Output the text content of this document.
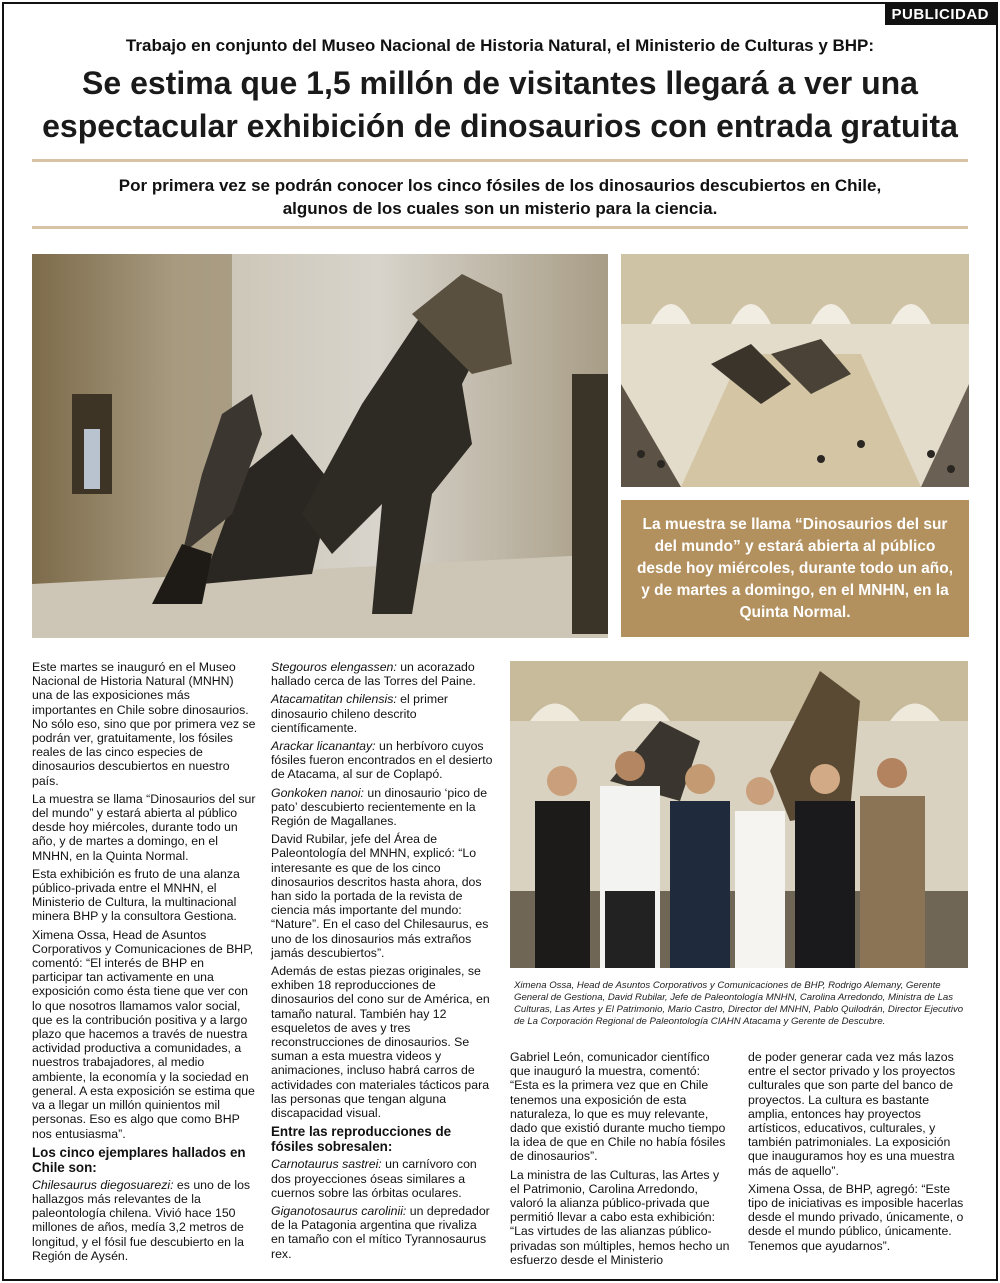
PUBLICIDAD
Trabajo en conjunto del Museo Nacional de Historia Natural, el Ministerio de Culturas y BHP:
Se estima que 1,5 millón de visitantes llegará a ver una
espectacular exhibición de dinosaurios con entrada gratuita
Por primera vez se podrán conocer los cinco fósiles de los dinosaurios descubiertos en Chile,
algunos de los cuales son un misterio para la ciencia.
La muestra se llama “Dinosaurios del sur del mundo” y estará abierta al público desde hoy miércoles, durante todo un año, y de martes a domingo, en el MNHN, en la Quinta Normal.
Ximena Ossa, Head de Asuntos Corporativos y Comunicaciones de BHP, Rodrigo Alemany, Gerente General de Gestiona, David Rubilar, Jefe de Paleontología MNHN, Carolina Arredondo, Ministra de Las Culturas, Las Artes y El Patrimonio, Mario Castro, Director del MNHN, Pablo Quilodrán, Director Ejecutivo de La Corporación Regional de Paleontología CIAHN Atacama y Gerente de Descubre.

Este martes se inauguró en el Museo Nacional de Historia Natural (MNHN) una de las exposiciones más importantes en Chile sobre dinosaurios. No sólo eso, sino que por primera vez se podrán ver, gratuitamente, los fósiles reales de las cinco especies de dinosaurios descubiertos en nuestro país.

La muestra se llama “Dinosaurios del sur del mundo” y estará abierta al público desde hoy miércoles, durante todo un año, y de martes a domingo, en el MNHN, en la Quinta Normal.

Esta exhibición es fruto de una alanza público-privada entre el MNHN, el Ministerio de Cultura, la multinacional minera BHP y la consultora Gestiona.

Ximena Ossa, Head de Asuntos Corporativos y Comunicaciones de BHP, comentó: “El interés de BHP en participar tan activamente en una exposición como ésta tiene que ver con lo que nosotros llamamos valor social, que es la contribución positiva y a largo plazo que hacemos a través de nuestra actividad productiva a comunidades, a nuestros trabajadores, al medio ambiente, la economía y la sociedad en general. A esta exposición se estima que va a llegar un millón quinientos mil personas. Eso es algo que como BHP nos entusiasma”.

Los cinco ejemplares hallados en Chile son:

Chilesaurus diegosuarezi: es uno de los hallazgos más relevantes de la paleontología chilena. Vivió hace 150 millones de años, medía 3,2 metros de longitud, y el fósil fue descubierto en la Región de Aysén.

Stegouros elengassen: un acorazado hallado cerca de las Torres del Paine.

Atacamatitan chilensis: el primer dinosaurio chileno descrito científicamente.

Arackar licanantay: un herbívoro cuyos fósiles fueron encontrados en el desierto de Atacama, al sur de Coplapó.

Gonkoken nanoi: un dinosaurio ‘pico de pato’ descubierto recientemente en la Región de Magallanes.

David Rubilar, jefe del Área de Paleontología del MNHN, explicó: “Lo interesante es que de los cinco dinosaurios descritos hasta ahora, dos han sido la portada de la revista de ciencia más importante del mundo: “Nature”. En el caso del Chilesaurus, es uno de los dinosaurios más extraños jamás descubiertos”.

Además de estas piezas originales, se exhiben 18 reproducciones de dinosaurios del cono sur de América, en tamaño natural. También hay 12 esqueletos de aves y tres reconstrucciones de dinosaurios. Se suman a esta muestra videos y animaciones, incluso habrá carros de actividades con materiales tácticos para las personas que tengan alguna discapacidad visual.

Entre las reproducciones de fósiles sobresalen:

Carnotaurus sastrei: un carnívoro con dos proyecciones óseas similares a cuernos sobre las órbitas oculares.

Giganotosaurus carolinii: un depredador de la Patagonia argentina que rivaliza en tamaño con el mítico Tyrannosaurus rex.

Gabriel León, comunicador científico que inauguró la muestra, comentó: “Esta es la primera vez que en Chile tenemos una exposición de esta naturaleza, lo que es muy relevante, dado que existió durante mucho tiempo la idea de que en Chile no había fósiles de dinosaurios”.

La ministra de las Culturas, las Artes y el Patrimonio, Carolina Arredondo, valoró la alianza público-privada que permitió llevar a cabo esta exhibición: “Las virtudes de las alianzas público-privadas son múltiples, hemos hecho un esfuerzo desde el Ministerio

de poder generar cada vez más lazos entre el sector privado y los proyectos culturales que son parte del banco de proyectos. La cultura es bastante amplia, entonces hay proyectos artísticos, educativos, culturales, y también patrimoniales. La exposición que inauguramos hoy es una muestra más de aquello”.

Ximena Ossa, de BHP, agregó: “Este tipo de iniciativas es imposible hacerlas desde el mundo privado, únicamente, o desde el mundo público, únicamente. Tenemos que ayudarnos”.
